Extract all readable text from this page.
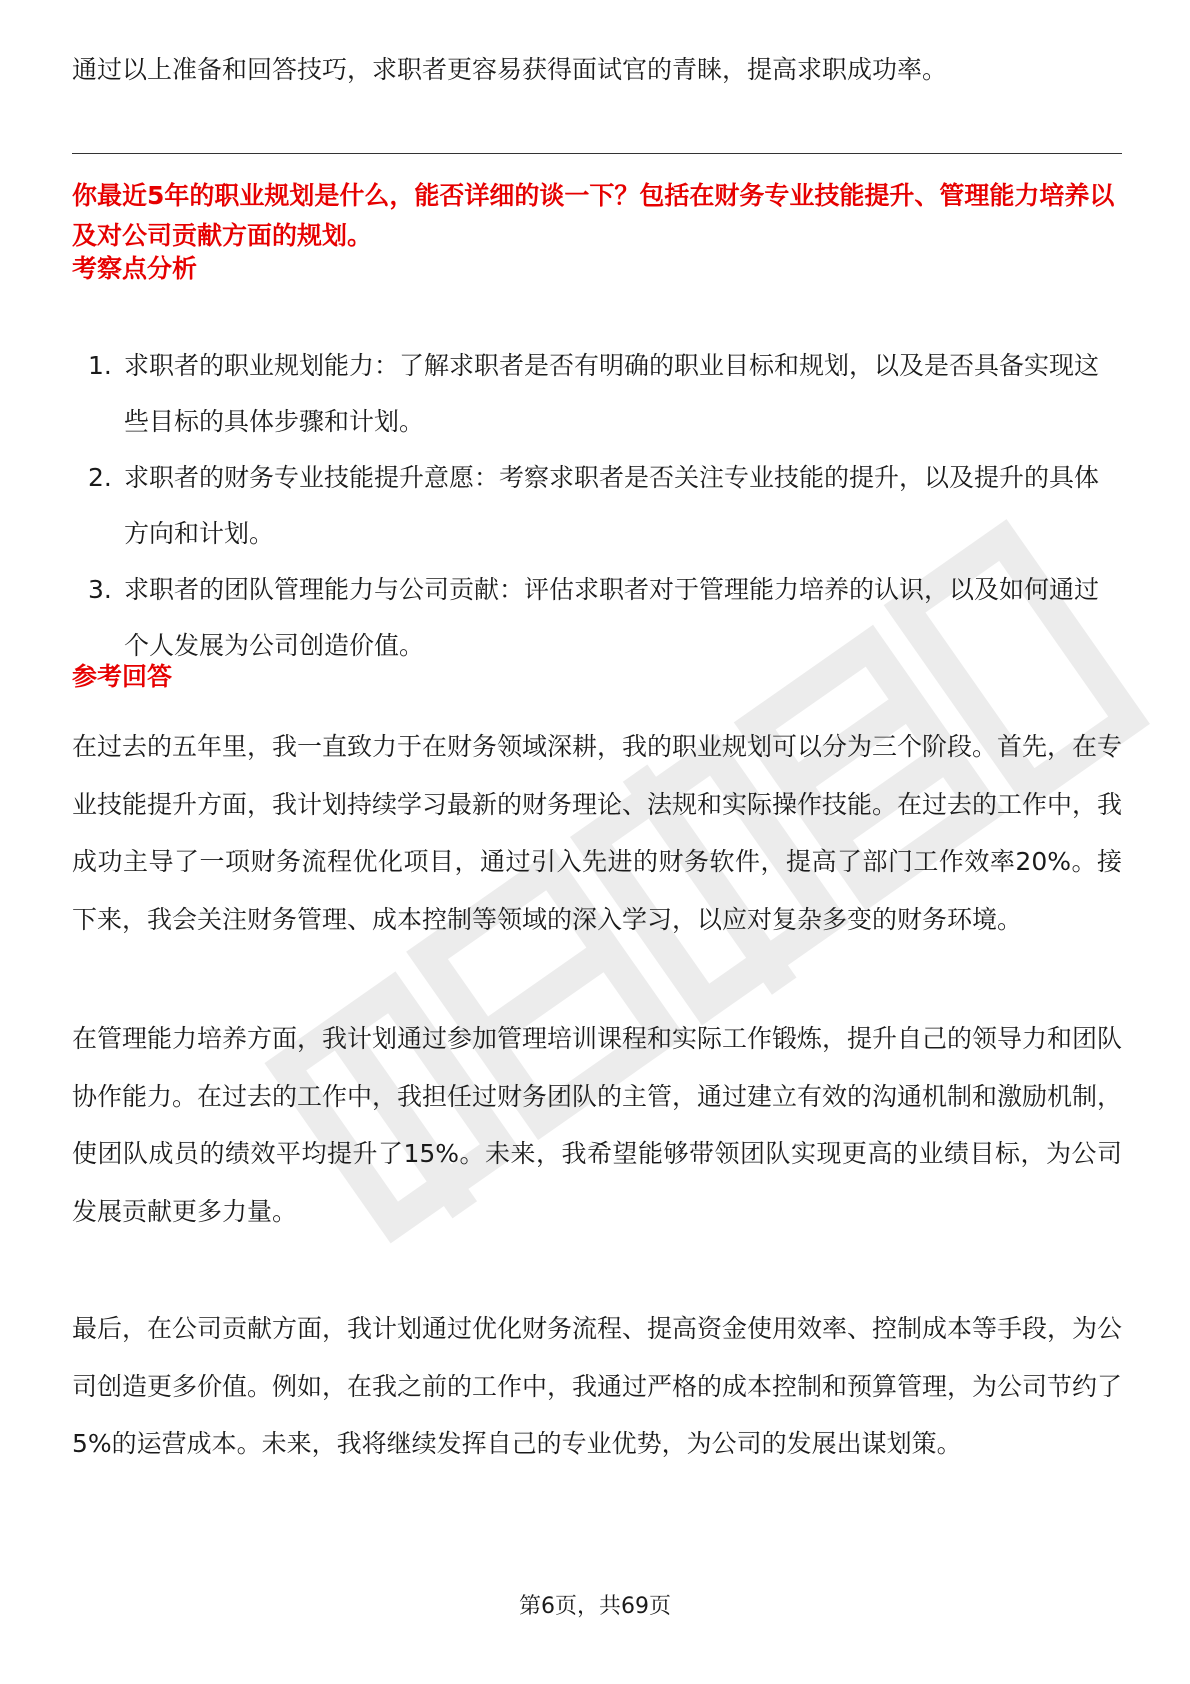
通过以上准备和回答技巧，求职者更容易获得面试官的青睐，提高求职成功率。

你最近5年的职业规划是什么，能否详细的谈一下？包括在财务专业技能提升、管理能力培养以及对公司贡献方面的规划。

考察点分析
1. 求职者的职业规划能力：了解求职者是否有明确的职业目标和规划，以及是否具备实现这些目标的具体步骤和计划。
2. 求职者的财务专业技能提升意愿：考察求职者是否关注专业技能的提升，以及提升的具体方向和计划。
3. 求职者的团队管理能力与公司贡献：评估求职者对于管理能力培养的认识，以及如何通过个人发展为公司创造价值。
参考回答

在过去的五年里，我一直致力于在财务领域深耕，我的职业规划可以分为三个阶段。首先，在专业技能提升方面，我计划持续学习最新的财务理论、法规和实际操作技能。在过去的工作中，我成功主导了一项财务流程优化项目，通过引入先进的财务软件，提高了部门工作效率20%。接下来，我会关注财务管理、成本控制等领域的深入学习，以应对复杂多变的财务环境。

在管理能力培养方面，我计划通过参加管理培训课程和实际工作锻炼，提升自己的领导力和团队协作能力。在过去的工作中，我担任过财务团队的主管，通过建立有效的沟通机制和激励机制，使团队成员的绩效平均提升了15%。未来，我希望能够带领团队实现更高的业绩目标，为公司发展贡献更多力量。

最后，在公司贡献方面，我计划通过优化财务流程、提高资金使用效率、控制成本等手段，为公司创造更多价值。例如，在我之前的工作中，我通过严格的成本控制和预算管理，为公司节约了5%的运营成本。未来，我将继续发挥自己的专业优势，为公司的发展出谋划策。

第6页，共69页
